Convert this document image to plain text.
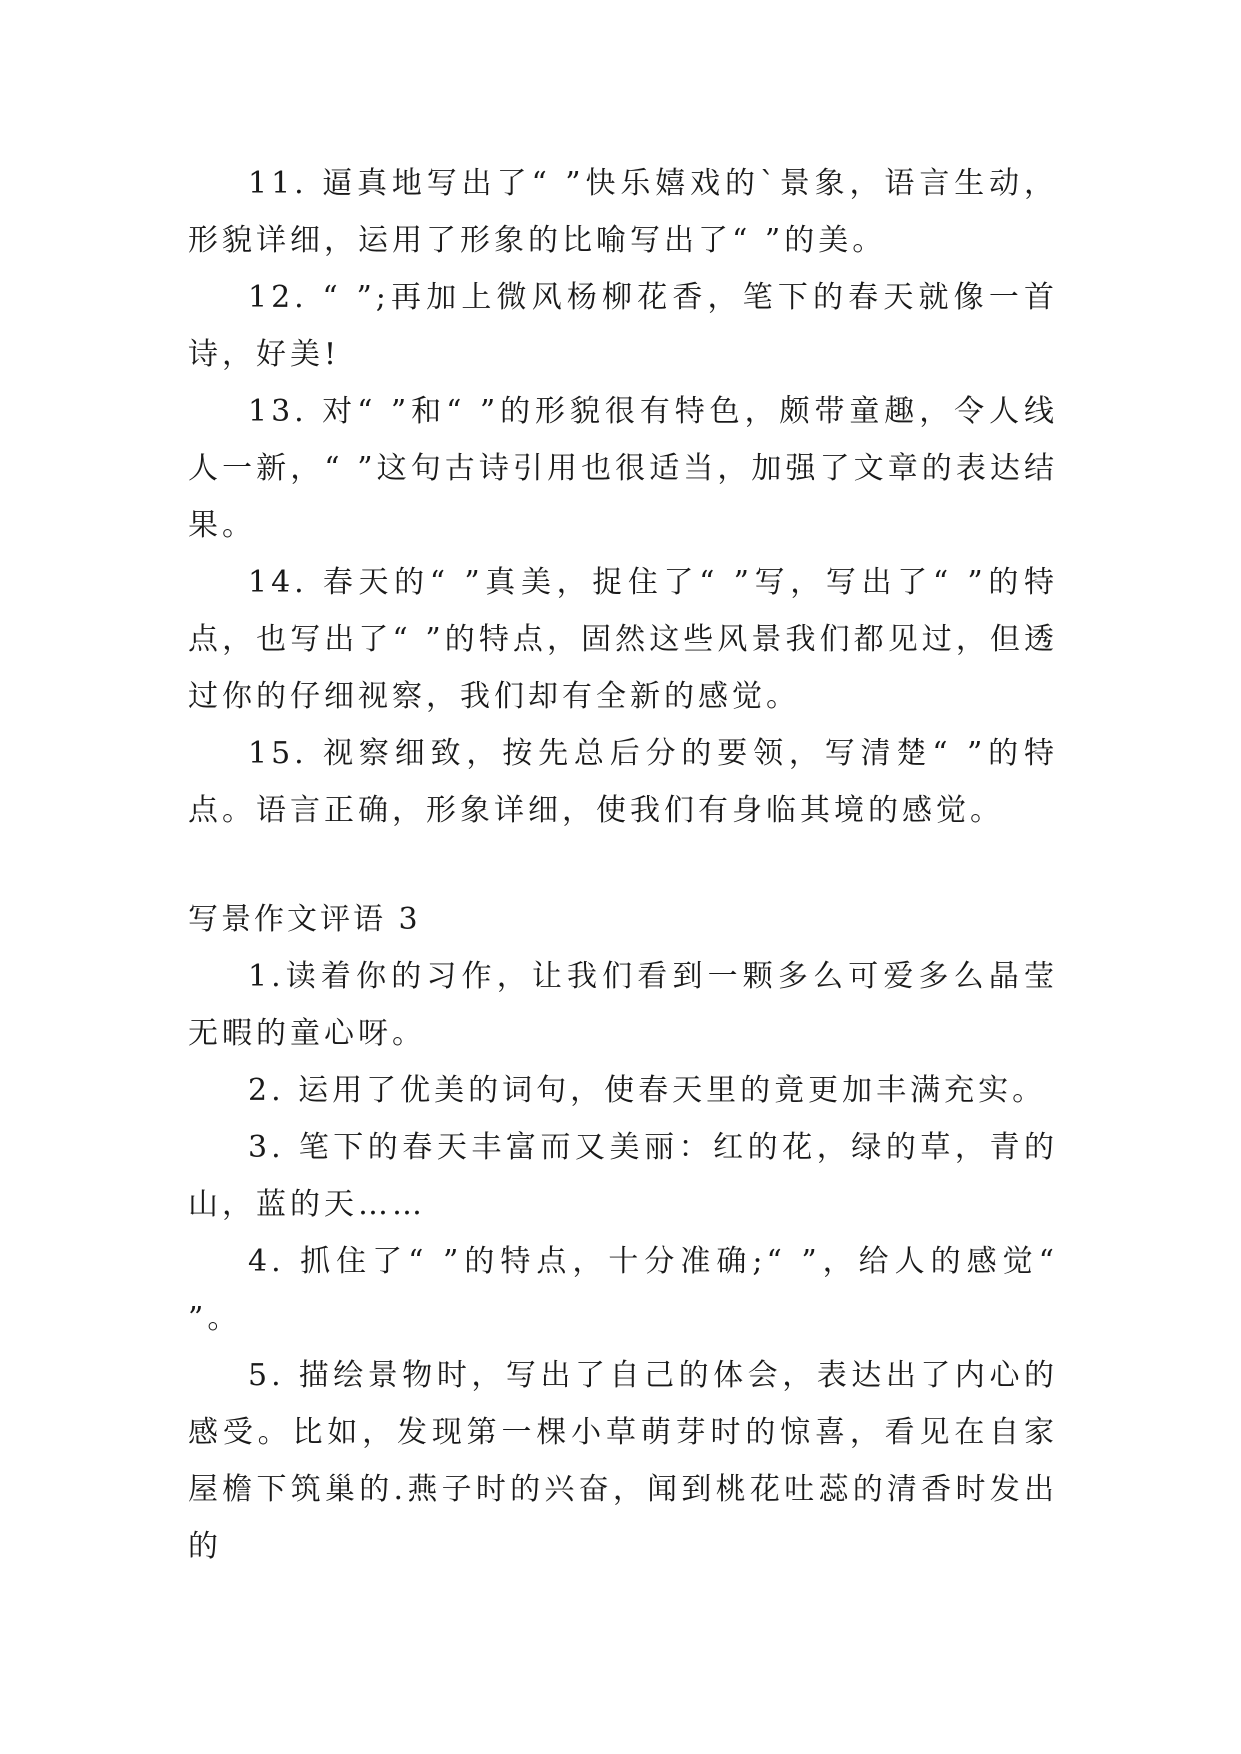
11. 逼真地写出了“ ”快乐嬉戏的`景象，语言生动，形貌详细，运用了形象的比喻写出了“ ”的美。

12. “ ”;再加上微风杨柳花香，笔下的春天就像一首诗，好美!

13. 对“ ”和“ ”的形貌很有特色，颇带童趣，令人线人一新，“ ”这句古诗引用也很适当，加强了文章的表达结果。

14. 春天的“ ”真美，捉住了“ ”写，写出了“ ”的特点，也写出了“ ”的特点，固然这些风景我们都见过，但透过你的仔细视察，我们却有全新的感觉。

15. 视察细致，按先总后分的要领，写清楚“ ”的特点。语言正确，形象详细，使我们有身临其境的感觉。

写景作文评语 3

1.读着你的习作，让我们看到一颗多么可爱多么晶莹无暇的童心呀。

2. 运用了优美的词句，使春天里的竟更加丰满充实。

3. 笔下的春天丰富而又美丽：红的花，绿的草，青的山，蓝的天……

4. 抓住了“ ”的特点，十分准确;“ ”，给人的感觉“ ”。

5. 描绘景物时，写出了自己的体会，表达出了内心的感受。比如，发现第一棵小草萌芽时的惊喜，看见在自家屋檐下筑巢的.燕子时的兴奋，闻到桃花吐蕊的清香时发出的
